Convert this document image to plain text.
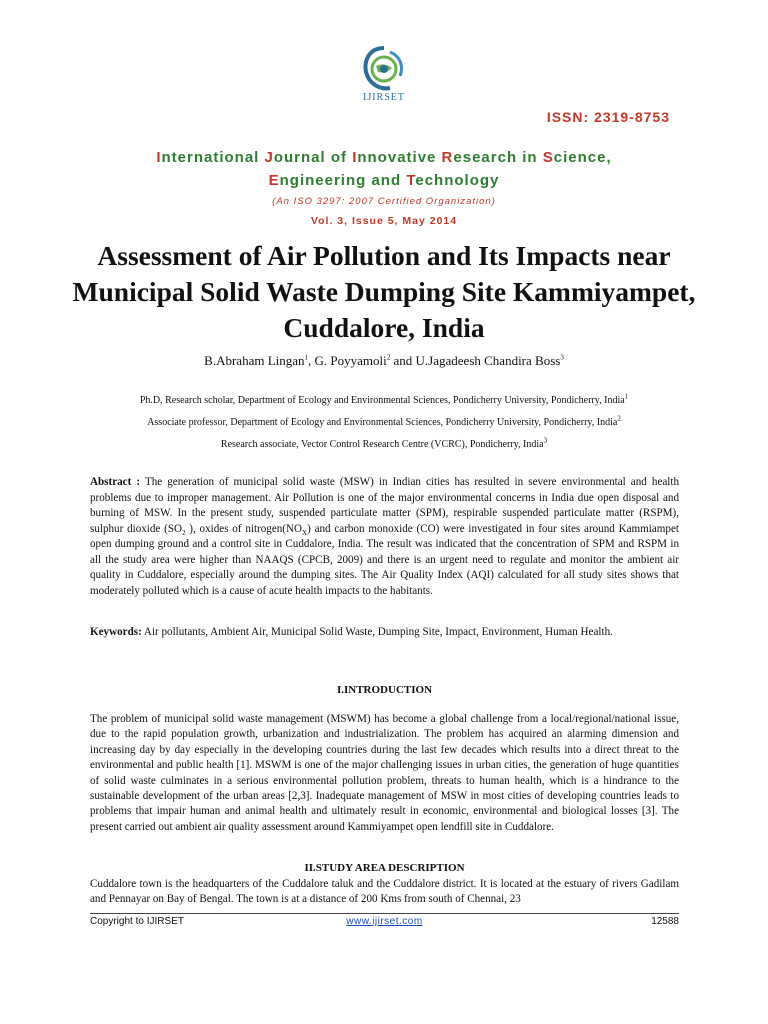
IJIRSET
ISSN: 2319-8753
International Journal of Innovative Research in Science,
Engineering and Technology
(An ISO 3297: 2007 Certified Organization)
Vol. 3, Issue 5, May 2014
Assessment of Air Pollution and Its Impacts near Municipal Solid Waste Dumping Site Kammiyampet, Cuddalore, India
B.Abraham Lingan$^1$, G. Poyyamoli$^2$ and U.Jagadeesh Chandira Boss$^3$
Ph.D, Research scholar, Department of Ecology and Environmental Sciences, Pondicherry University, Pondicherry, India$^1$
Associate professor, Department of Ecology and Environmental Sciences, Pondicherry University, Pondicherry, India$^2$
Research associate, Vector Control Research Centre (VCRC), Pondicherry, India$^3$

Abstract : The generation of municipal solid waste (MSW) in Indian cities has resulted in severe environmental and health problems due to improper management. Air Pollution is one of the major environmental concerns in India due open disposal and burning of MSW. In the present study, suspended particulate matter (SPM), respirable suspended particulate matter (RSPM), sulphur dioxide ($SO_2$ ), oxides of $nitrogen(NO_X)$ and carbon monoxide (CO) were investigated in four sites around Kammiampet open dumping ground and a control site in Cuddalore, India. The result was indicated that the concentration of SPM and RSPM in all the study area were higher than NAAQS (CPCB, 2009) and there is an urgent need to regulate and monitor the ambient air quality in Cuddalore, especially around the dumping sites. The Air Quality Index (AQI) calculated for all study sites shows that moderately polluted which is a cause of acute health impacts to the habitants.

Keywords: Air pollutants, Ambient Air, Municipal Solid Waste, Dumping Site, Impact, Environment, Human Health.

I.INTRODUCTION

The problem of municipal solid waste management (MSWM) has become a global challenge from a local/regional/national issue, due to the rapid population growth, urbanization and industrialization. The problem has acquired an alarming dimension and increasing day by day especially in the developing countries during the last few decades which results into a direct threat to the environmental and public health [1]. MSWM is one of the major challenging issues in urban cities, the generation of huge quantities of solid waste culminates in a serious environmental pollution problem, threats to human health, which is a hindrance to the sustainable development of the urban areas [2,3]. Inadequate management of MSW in most cities of developing countries leads to problems that impair human and animal health and ultimately result in economic, environmental and biological losses [3]. The present carried out ambient air quality assessment around Kammiyampet open lendfill site in Cuddalore.

II.STUDY AREA DESCRIPTION

Cuddalore town is the headquarters of the Cuddalore taluk and the Cuddalore district. It is located at the estuary of rivers Gadilam and Pennayar on Bay of Bengal. The town is at a distance of 200 Kms from south of Chennai, 23

Copyright to IJIRSET	www.ijirset.com	12588
